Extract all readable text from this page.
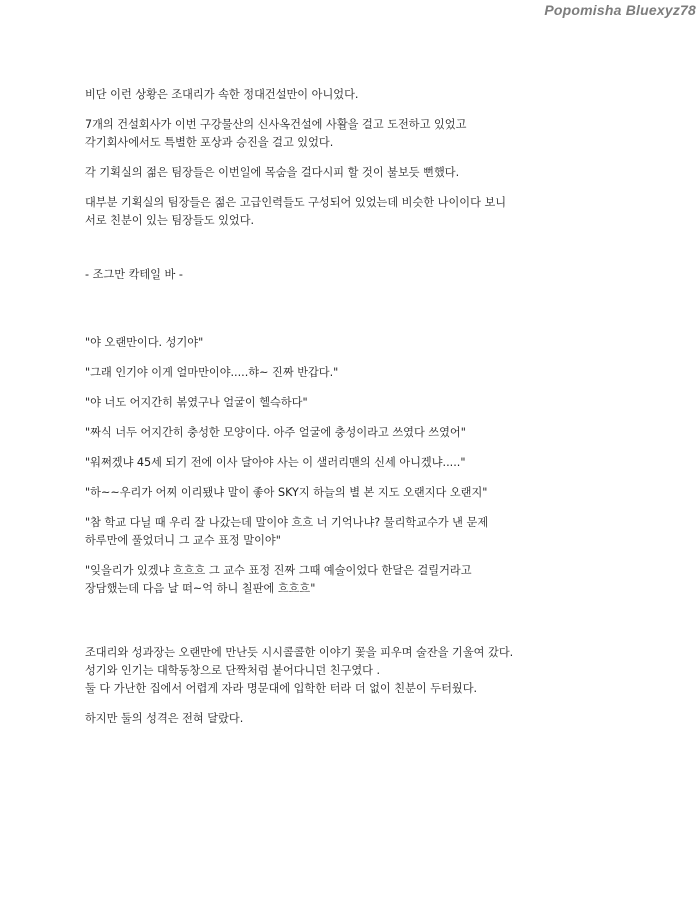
Popomisha Bluexyz78

비단 이런 상황은 조대리가 속한 정대건설만이 아니었다.

7개의 건설회사가 이번 구강물산의 신사옥건설에 사활을 걸고 도전하고 있었고
각기회사에서도 특별한 포상과 승진을 걸고 있었다.

각 기획실의 젊은 팀장들은 이번일에 목숨을 걸다시피 할 것이 불보듯 뻔했다.

대부분 기획실의 팀장들은 젊은 고급인력들도 구성되어 있었는데 비슷한 나이이다 보니
서로 친분이 있는 팀장들도 있었다.

- 조그만 칵테일 바 -

"야 오랜만이다. 성기야"

"그래 인기야 이게 얼마만이야.....햐~ 진짜 반갑다."

"야 너도 어지간히 볶였구나 얼굴이 헬슥하다"

"짜식 너두 어지간히 충성한 모양이다. 아주 얼굴에 충성이라고 쓰였다 쓰였어"

"워쩌겠냐 45세 되기 전에 이사 달아야 사는 이 샐러리맨의 신세 아니겠냐....."

"하~~우리가 어찌 이리됐냐 말이 좋아 SKY지 하늘의 별 본 지도 오랜지다 오랜지"

"참 학교 다닐 때 우리 잘 나갔는데 말이야 흐흐 너 기억나냐? 물리학교수가 낸 문제
하루만에 풀었더니 그 교수 표정 말이야"

"잊을리가 있겠냐 흐흐흐 그 교수 표정 진짜 그때 예술이었다 한달은 걸릴거라고
장담했는데 다음 날 떠~억 하니 칠판에 흐흐흐"

조대리와 성과장는 오랜만에 만난듯 시시콜콜한 이야기 꽃을 피우며 술잔을 기울여 갔다.
성기와 인기는 대학동창으로 단짝처럼 붙어다니던 친구였다 .
둘 다 가난한 집에서 어렵게 자라 명문대에 입학한 터라 더 없이 친분이 두터웠다.

하지만 둘의 성격은 전혀 달랐다.
